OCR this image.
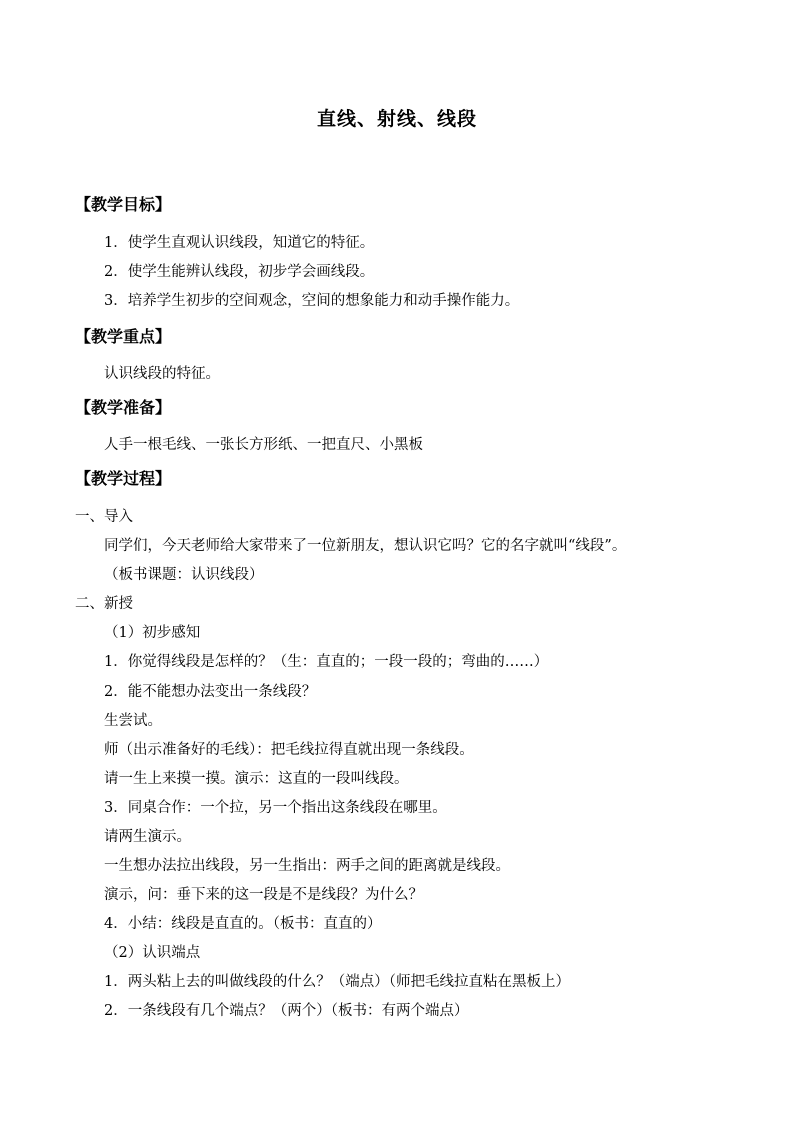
直线、射线、线段
【教学目标】
1．使学生直观认识线段，知道它的特征。
2．使学生能辨认线段，初步学会画线段。
3．培养学生初步的空间观念，空间的想象能力和动手操作能力。
【教学重点】
认识线段的特征。
【教学准备】
人手一根毛线、一张长方形纸、一把直尺、小黑板
【教学过程】
一、导入
同学们，今天老师给大家带来了一位新朋友，想认识它吗？它的名字就叫“线段”。
（板书课题：认识线段）
二、新授
（1）初步感知
1．你觉得线段是怎样的？（生：直直的；一段一段的；弯曲的……）
2．能不能想办法变出一条线段？
生尝试。
师（出示准备好的毛线）：把毛线拉得直就出现一条线段。
请一生上来摸一摸。演示：这直的一段叫线段。
3．同桌合作：一个拉，另一个指出这条线段在哪里。
请两生演示。
一生想办法拉出线段，另一生指出：两手之间的距离就是线段。
演示，问：垂下来的这一段是不是线段？为什么？
4．小结：线段是直直的。（板书：直直的）
（2）认识端点
1．两头粘上去的叫做线段的什么？（端点）（师把毛线拉直粘在黑板上）
2．一条线段有几个端点？（两个）（板书：有两个端点）
